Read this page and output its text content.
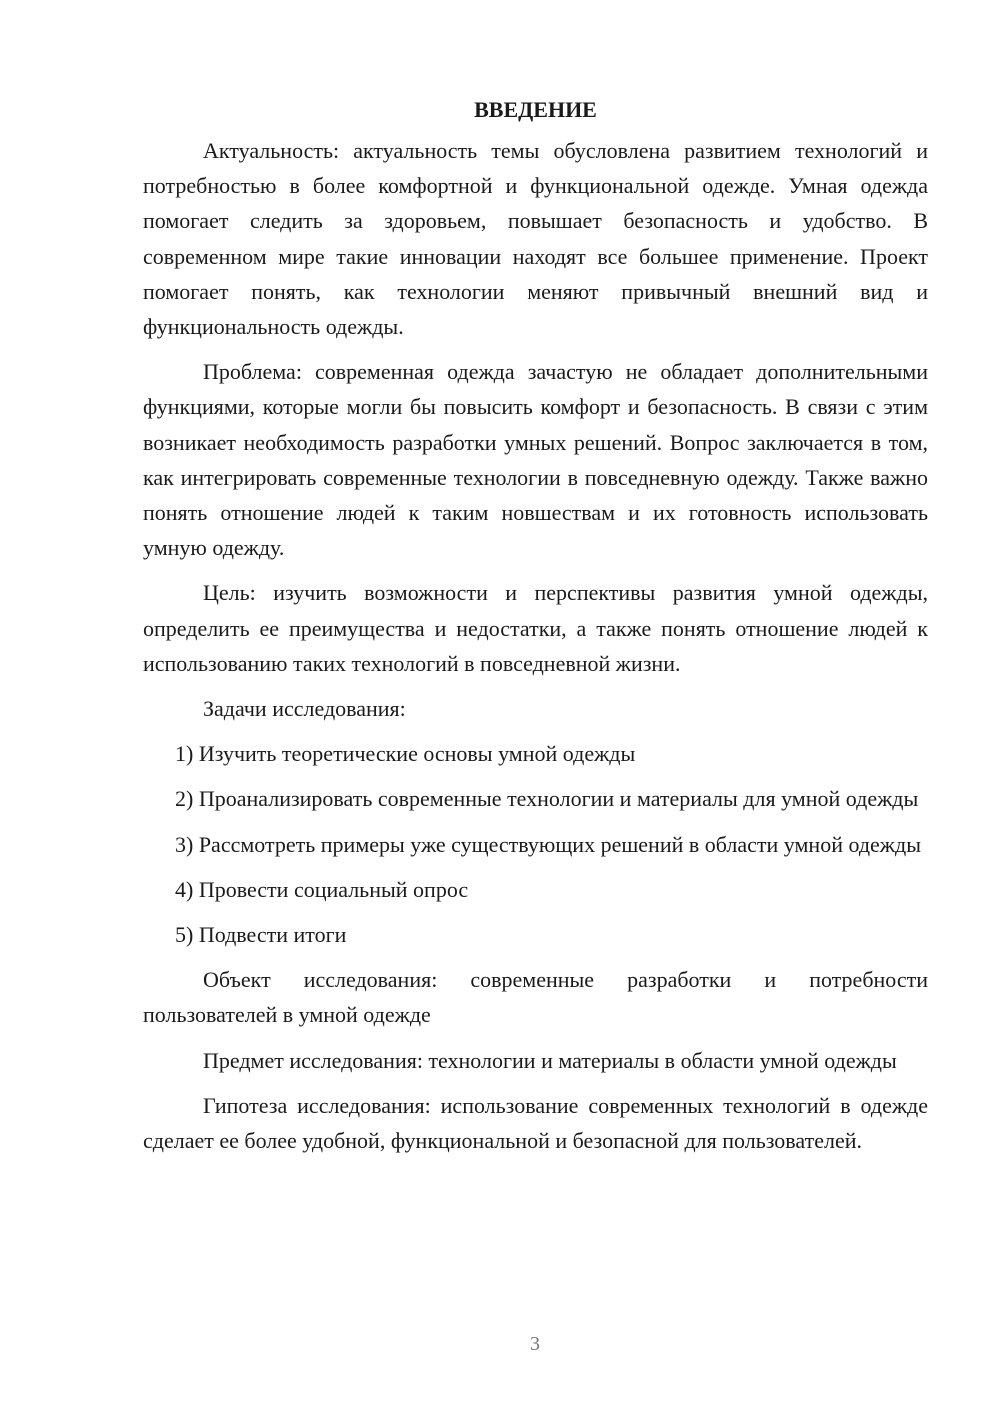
ВВЕДЕНИЕ

Актуальность: актуальность темы обусловлена развитием технологий и потребностью в более комфортной и функциональной одежде. Умная одежда помогает следить за здоровьем, повышает безопасность и удобство. В современном мире такие инновации находят все большее применение. Проект помогает понять, как технологии меняют привычный внешний вид и функциональность одежды.

Проблема: современная одежда зачастую не обладает дополнительными функциями, которые могли бы повысить комфорт и безопасность. В связи с этим возникает необходимость разработки умных решений. Вопрос заключается в том, как интегрировать современные технологии в повседневную одежду. Также важно понять отношение людей к таким новшествам и их готовность использовать умную одежду.

Цель: изучить возможности и перспективы развития умной одежды, определить ее преимущества и недостатки, а также понять отношение людей к использованию таких технологий в повседневной жизни.

Задачи исследования:

1) Изучить теоретические основы умной одежды

2) Проанализировать современные технологии и материалы для умной одежды

3) Рассмотреть примеры уже существующих решений в области умной одежды

4) Провести социальный опрос

5) Подвести итоги

Объект исследования: современные разработки и потребности пользователей в умной одежде

Предмет исследования: технологии и материалы в области умной одежды

Гипотеза исследования: использование современных технологий в одежде сделает ее более удобной, функциональной и безопасной для пользователей.

3
